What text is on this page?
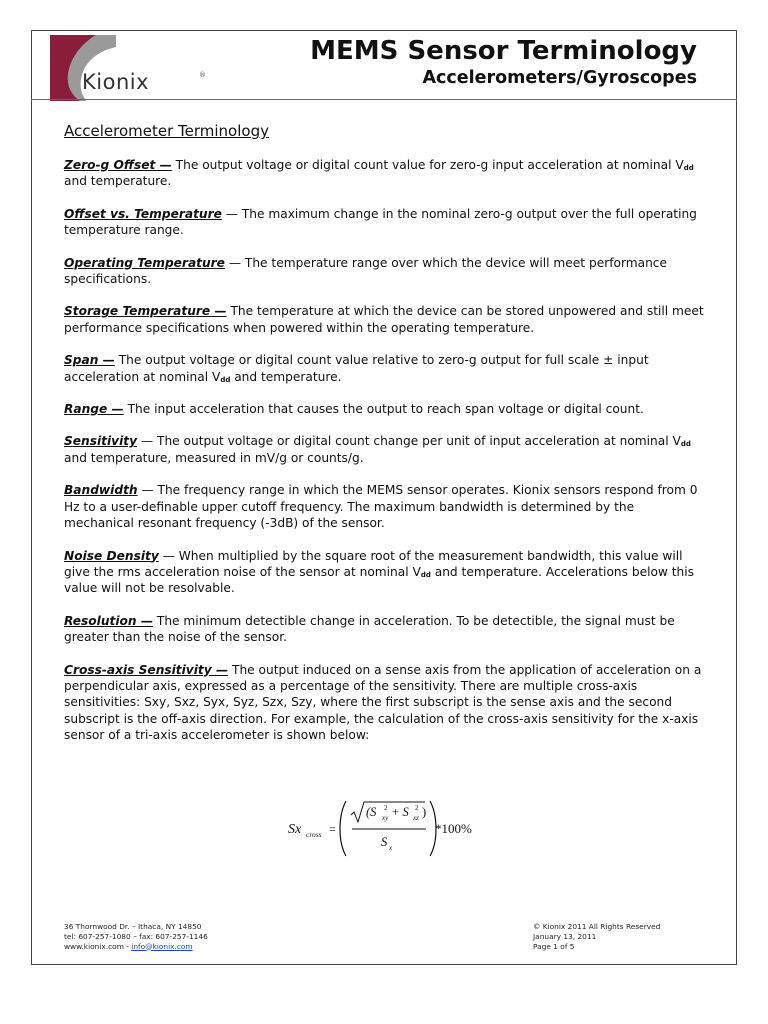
Kionix	®
MEMS Sensor Terminology
Accelerometers/Gyroscopes
Accelerometer Terminology

Zero-g Offset — The output voltage or digital count value for zero-g input acceleration at nominal $V_{dd}$ and temperature.

Offset vs. Temperature — The maximum change in the nominal zero-g output over the full operating temperature range.

Operating Temperature — The temperature range over which the device will meet performance specifications.

Storage Temperature — The temperature at which the device can be stored unpowered and still meet performance specifications when powered within the operating temperature.

Span — The output voltage or digital count value relative to zero-g output for full scale ± input acceleration at nominal $V_{dd}$ and temperature.

Range — The input acceleration that causes the output to reach span voltage or digital count.

Sensitivity — The output voltage or digital count change per unit of input acceleration at nominal $V_{dd}$ and temperature, measured in mV/g or counts/g.

Bandwidth — The frequency range in which the MEMS sensor operates. Kionix sensors respond from 0 Hz to a user-definable upper cutoff frequency. The maximum bandwidth is determined by the mechanical resonant frequency (-3dB) of the sensor.

Noise Density — When multiplied by the square root of the measurement bandwidth, this value will give the rms acceleration noise of the sensor at nominal $V_{dd}$ and temperature. Accelerations below this value will not be resolvable.

Resolution — The minimum detectible change in acceleration. To be detectible, the signal must be greater than the noise of the sensor.

Cross-axis Sensitivity — The output induced on a sense axis from the application of acceleration on a perpendicular axis, expressed as a percentage of the sensitivity. There are multiple cross-axis sensitivities: Sxy, Sxz, Syx, Syz, Szx, Szy, where the first subscript is the sense axis and the second subscript is the off-axis direction. For example, the calculation of the cross-axis sensitivity for the x-axis sensor of a tri-axis accelerometer is shown below:

Sx cross =
(S 2
xy + S 2
xz )
S x
*100%
36 Thornwood Dr. – Ithaca, NY 14850
tel: 607-257-1080 – fax: 607-257-1146
www.kionix.com - info@kionix.com
© Kionix 2011 All Rights Reserved
January 13, 2011
Page 1 of 5
